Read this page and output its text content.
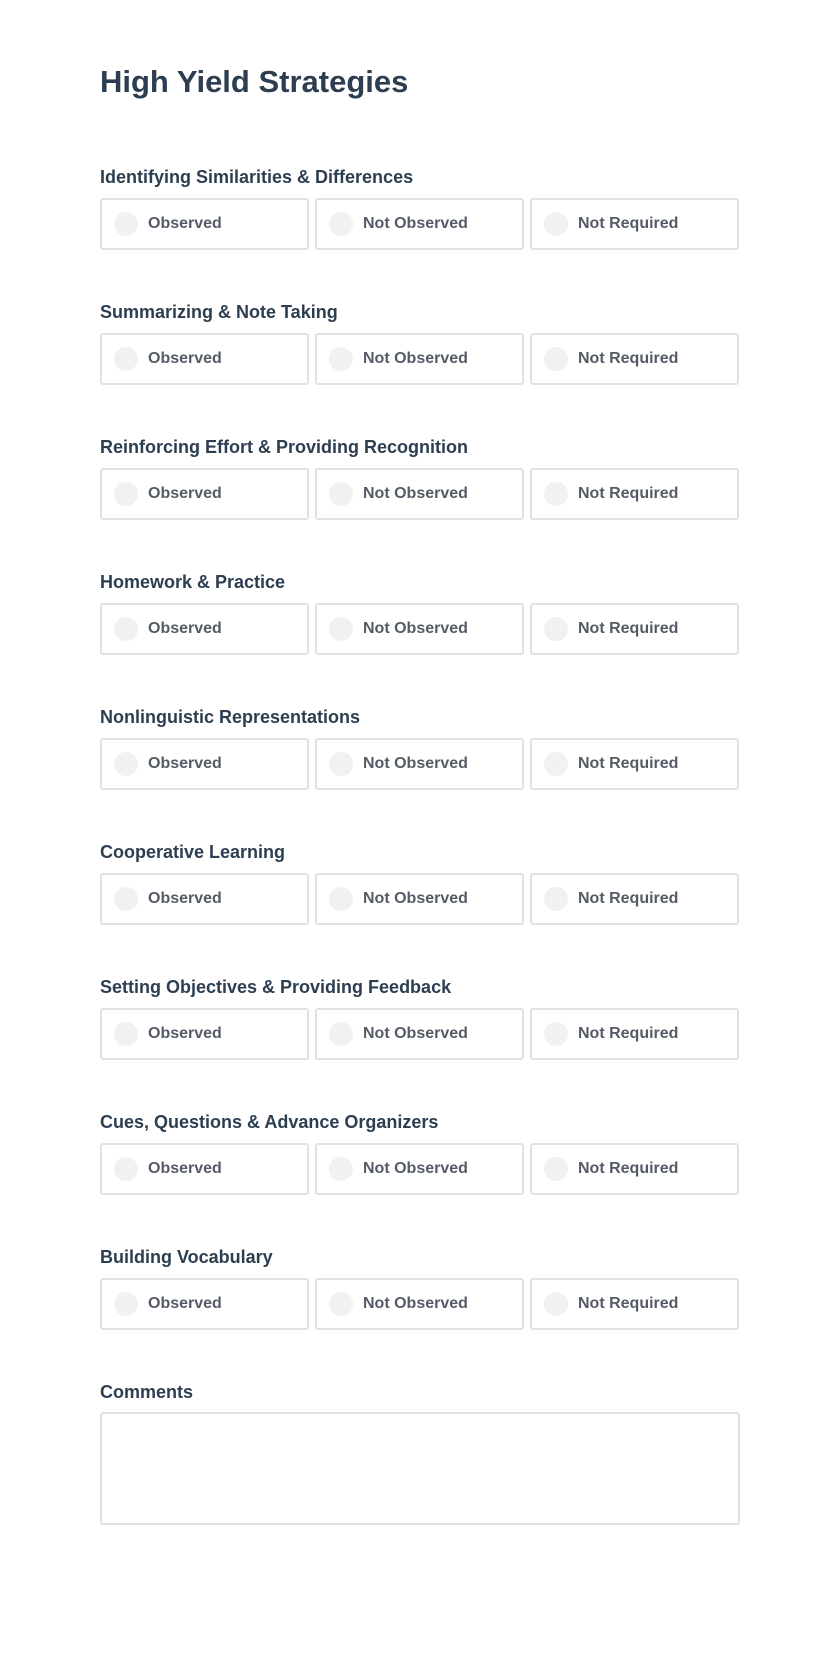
High Yield Strategies
Identifying Similarities & Differences
Observed	Not Observed	Not Required
Summarizing & Note Taking
Observed	Not Observed	Not Required
Reinforcing Effort & Providing Recognition
Observed	Not Observed	Not Required
Homework & Practice
Observed	Not Observed	Not Required
Nonlinguistic Representations
Observed	Not Observed	Not Required
Cooperative Learning
Observed	Not Observed	Not Required
Setting Objectives & Providing Feedback
Observed	Not Observed	Not Required
Cues, Questions & Advance Organizers
Observed	Not Observed	Not Required
Building Vocabulary
Observed	Not Observed	Not Required
Comments
